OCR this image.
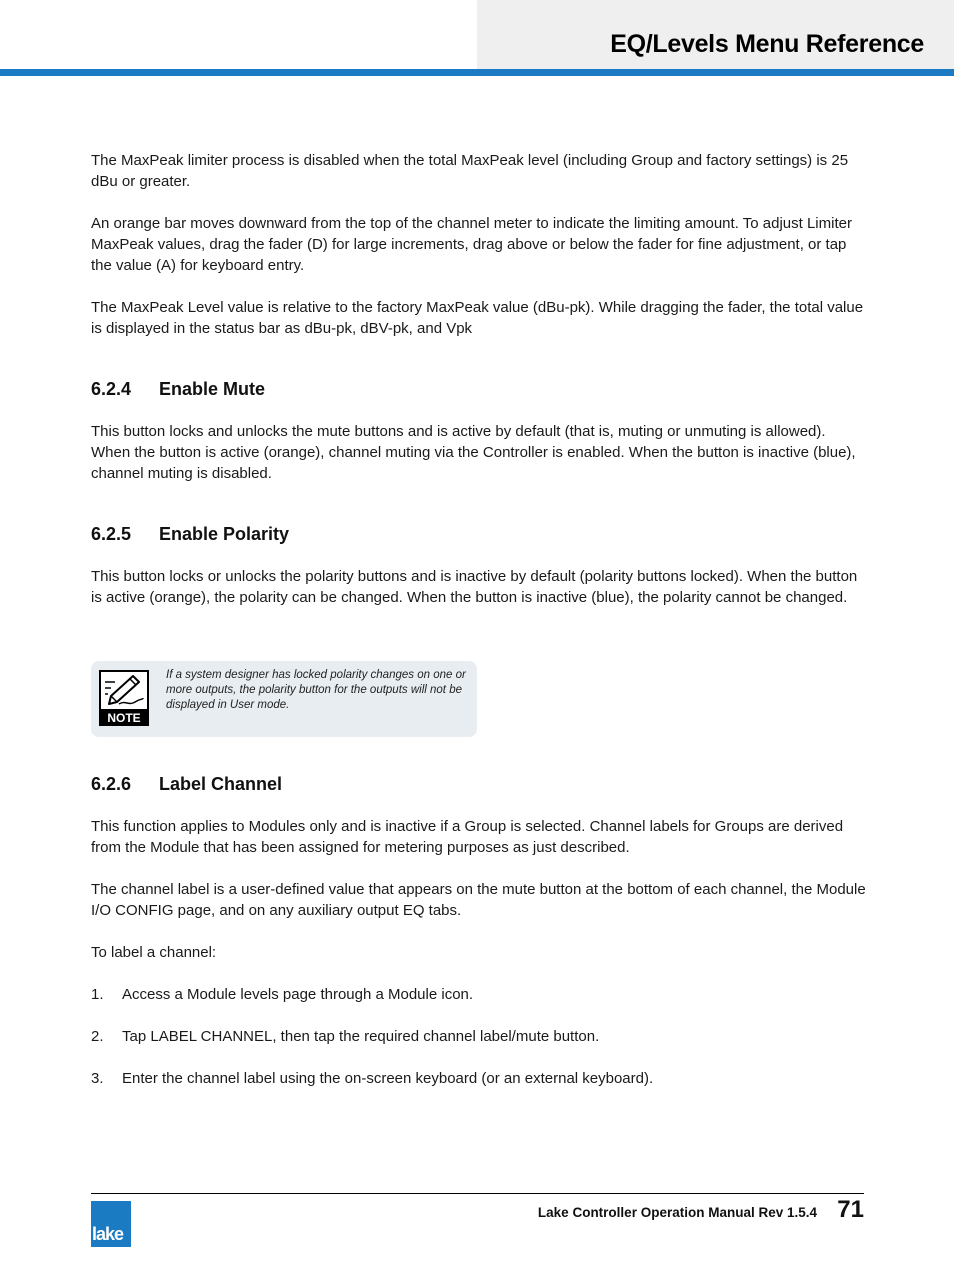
EQ/Levels Menu Reference

The MaxPeak limiter process is disabled when the total MaxPeak level (including Group and factory settings) is 25 dBu or greater.

An orange bar moves downward from the top of the channel meter to indicate the limiting amount. To adjust Limiter MaxPeak values, drag the fader (D) for large increments, drag above or below the fader for fine adjustment, or tap the value (A) for keyboard entry.

The MaxPeak Level value is relative to the factory MaxPeak value (dBu-pk). While dragging the fader, the total value is displayed in the status bar as dBu-pk, dBV-pk, and Vpk

6.2.4 Enable Mute

This button locks and unlocks the mute buttons and is active by default (that is, muting or unmuting is allowed). When the button is active (orange), channel muting via the Controller is enabled. When the button is inactive (blue), channel muting is disabled.

6.2.5 Enable Polarity

This button locks or unlocks the polarity buttons and is inactive by default (polarity buttons locked). When the button is active (orange), the polarity can be changed. When the button is inactive (blue), the polarity cannot be changed.

6.2.6 Label Channel

This function applies to Modules only and is inactive if a Group is selected. Channel labels for Groups are derived from the Module that has been assigned for metering purposes as just described.

The channel label is a user-defined value that appears on the mute button at the bottom of each channel, the Module I/O CONFIG page, and on any auxiliary output EQ tabs.

To label a channel:

1. Access a Module levels page through a Module icon.

2. Tap LABEL CHANNEL, then tap the required channel label/mute button.

3. Enter the channel label using the on-screen keyboard (or an external keyboard).

NOTE
If a system designer has locked polarity changes on one or more outputs, the polarity button for the outputs will not be displayed in User mode.
lake
Lake Controller Operation Manual Rev 1.5.4 71
